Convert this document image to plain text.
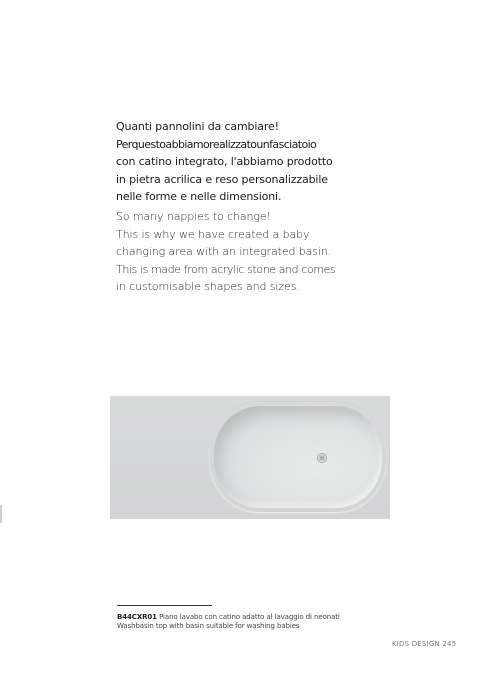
Quanti pannolini da cambiare!

Perquestoabbiamorealizzatounfasciatoio

con catino integrato, l'abbiamo prodotto

in pietra acrilica e reso personalizzabile

nelle forme e nelle dimensioni.

So many nappies to change!

This is why we have created a baby

changing area with an integrated basin.

This is made from acrylic stone and comes

in customisable shapes and sizes.

B44CXR01 Piano lavabo con catino adatto al lavaggio di neonati

Washbasin top with basin suitable for washing babies

KIDS DESIGN 245
